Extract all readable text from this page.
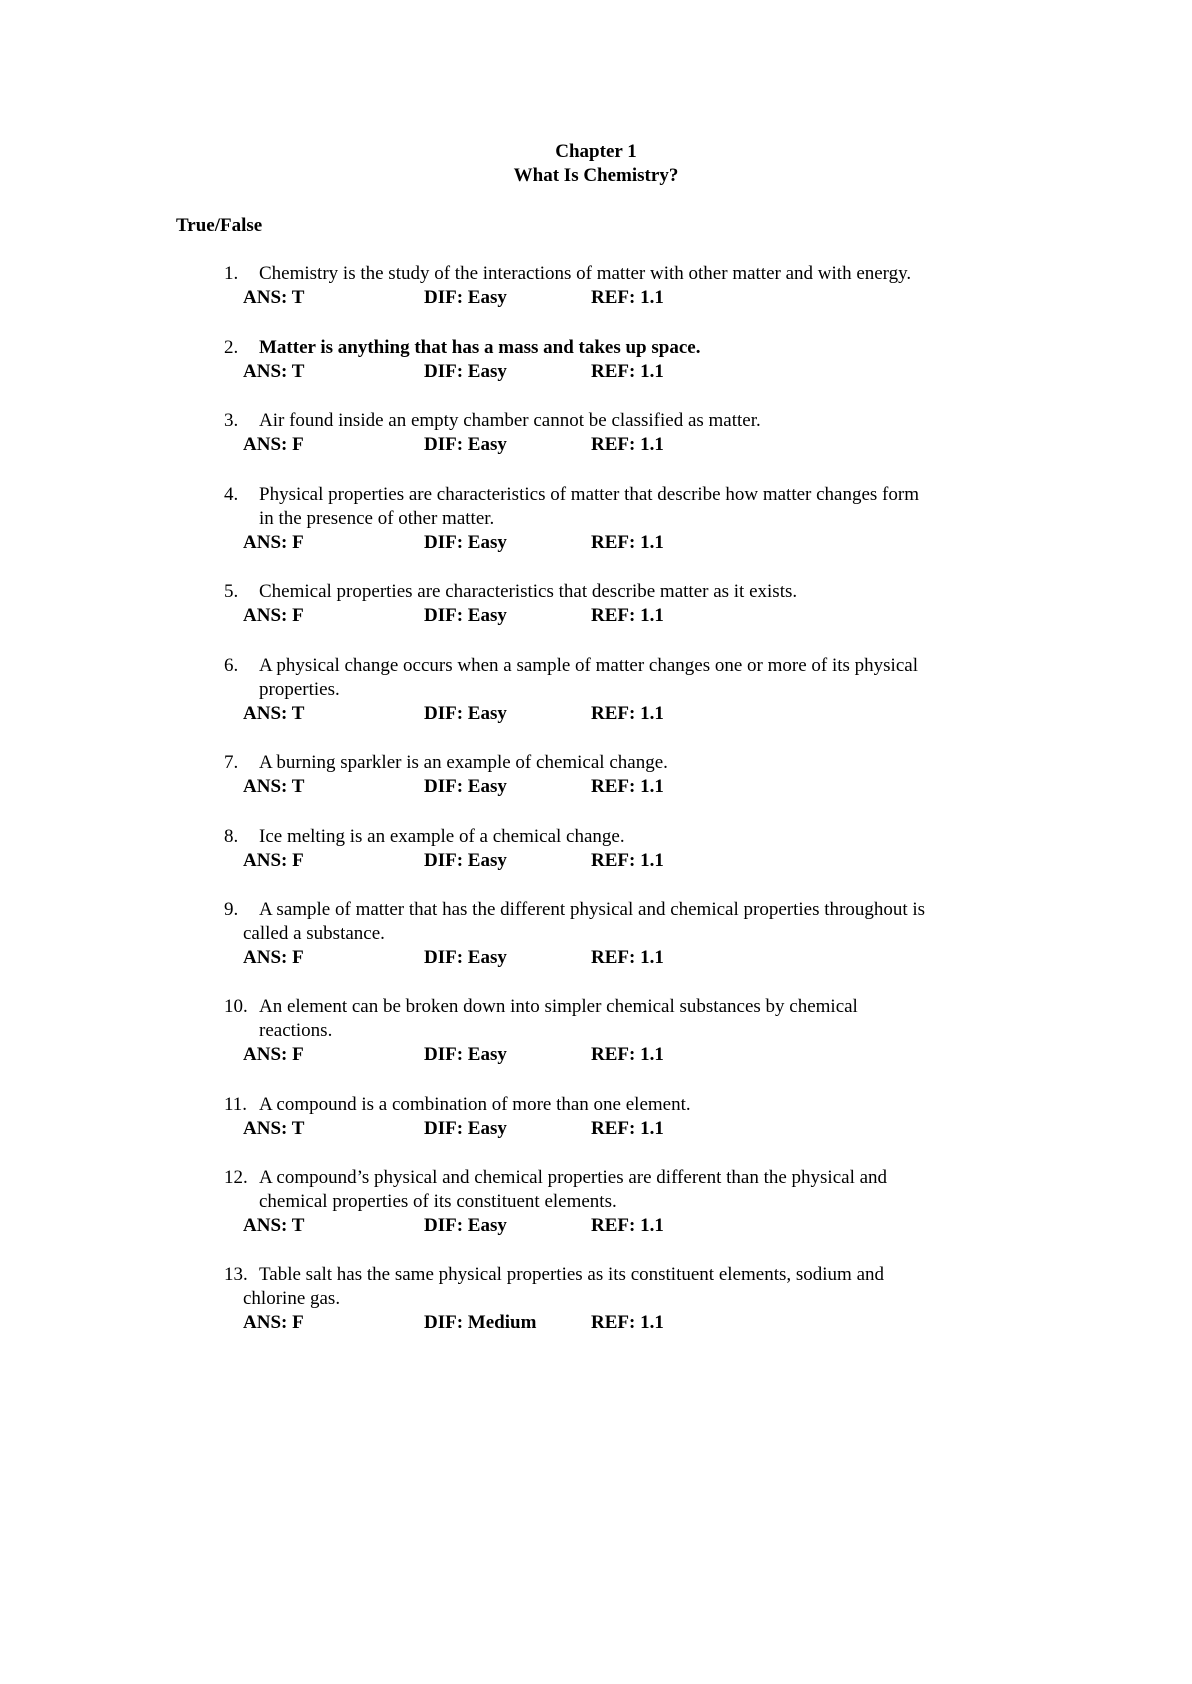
Chapter 1
What Is Chemistry?
True/False
1. Chemistry is the study of the interactions of matter with other matter and with energy.
ANS: T	DIF: Easy	REF: 1.1
2. Matter is anything that has a mass and takes up space.
ANS: T	DIF: Easy	REF: 1.1
3. Air found inside an empty chamber cannot be classified as matter.
ANS: F	DIF: Easy	REF: 1.1
4. Physical properties are characteristics of matter that describe how matter changes form
in the presence of other matter.
ANS: F	DIF: Easy	REF: 1.1
5. Chemical properties are characteristics that describe matter as it exists.
ANS: F	DIF: Easy	REF: 1.1
6. A physical change occurs when a sample of matter changes one or more of its physical
properties.
ANS: T	DIF: Easy	REF: 1.1
7. A burning sparkler is an example of chemical change.
ANS: T	DIF: Easy	REF: 1.1
8. Ice melting is an example of a chemical change.
ANS: F	DIF: Easy	REF: 1.1
9. A sample of matter that has the different physical and chemical properties throughout is
called a substance.
ANS: F	DIF: Easy	REF: 1.1
10. An element can be broken down into simpler chemical substances by chemical
reactions.
ANS: F	DIF: Easy	REF: 1.1
11. A compound is a combination of more than one element.
ANS: T	DIF: Easy	REF: 1.1
12. A compound’s physical and chemical properties are different than the physical and
chemical properties of its constituent elements.
ANS: T	DIF: Easy	REF: 1.1
13. Table salt has the same physical properties as its constituent elements, sodium and
chlorine gas.
ANS: F	DIF: Medium	REF: 1.1
